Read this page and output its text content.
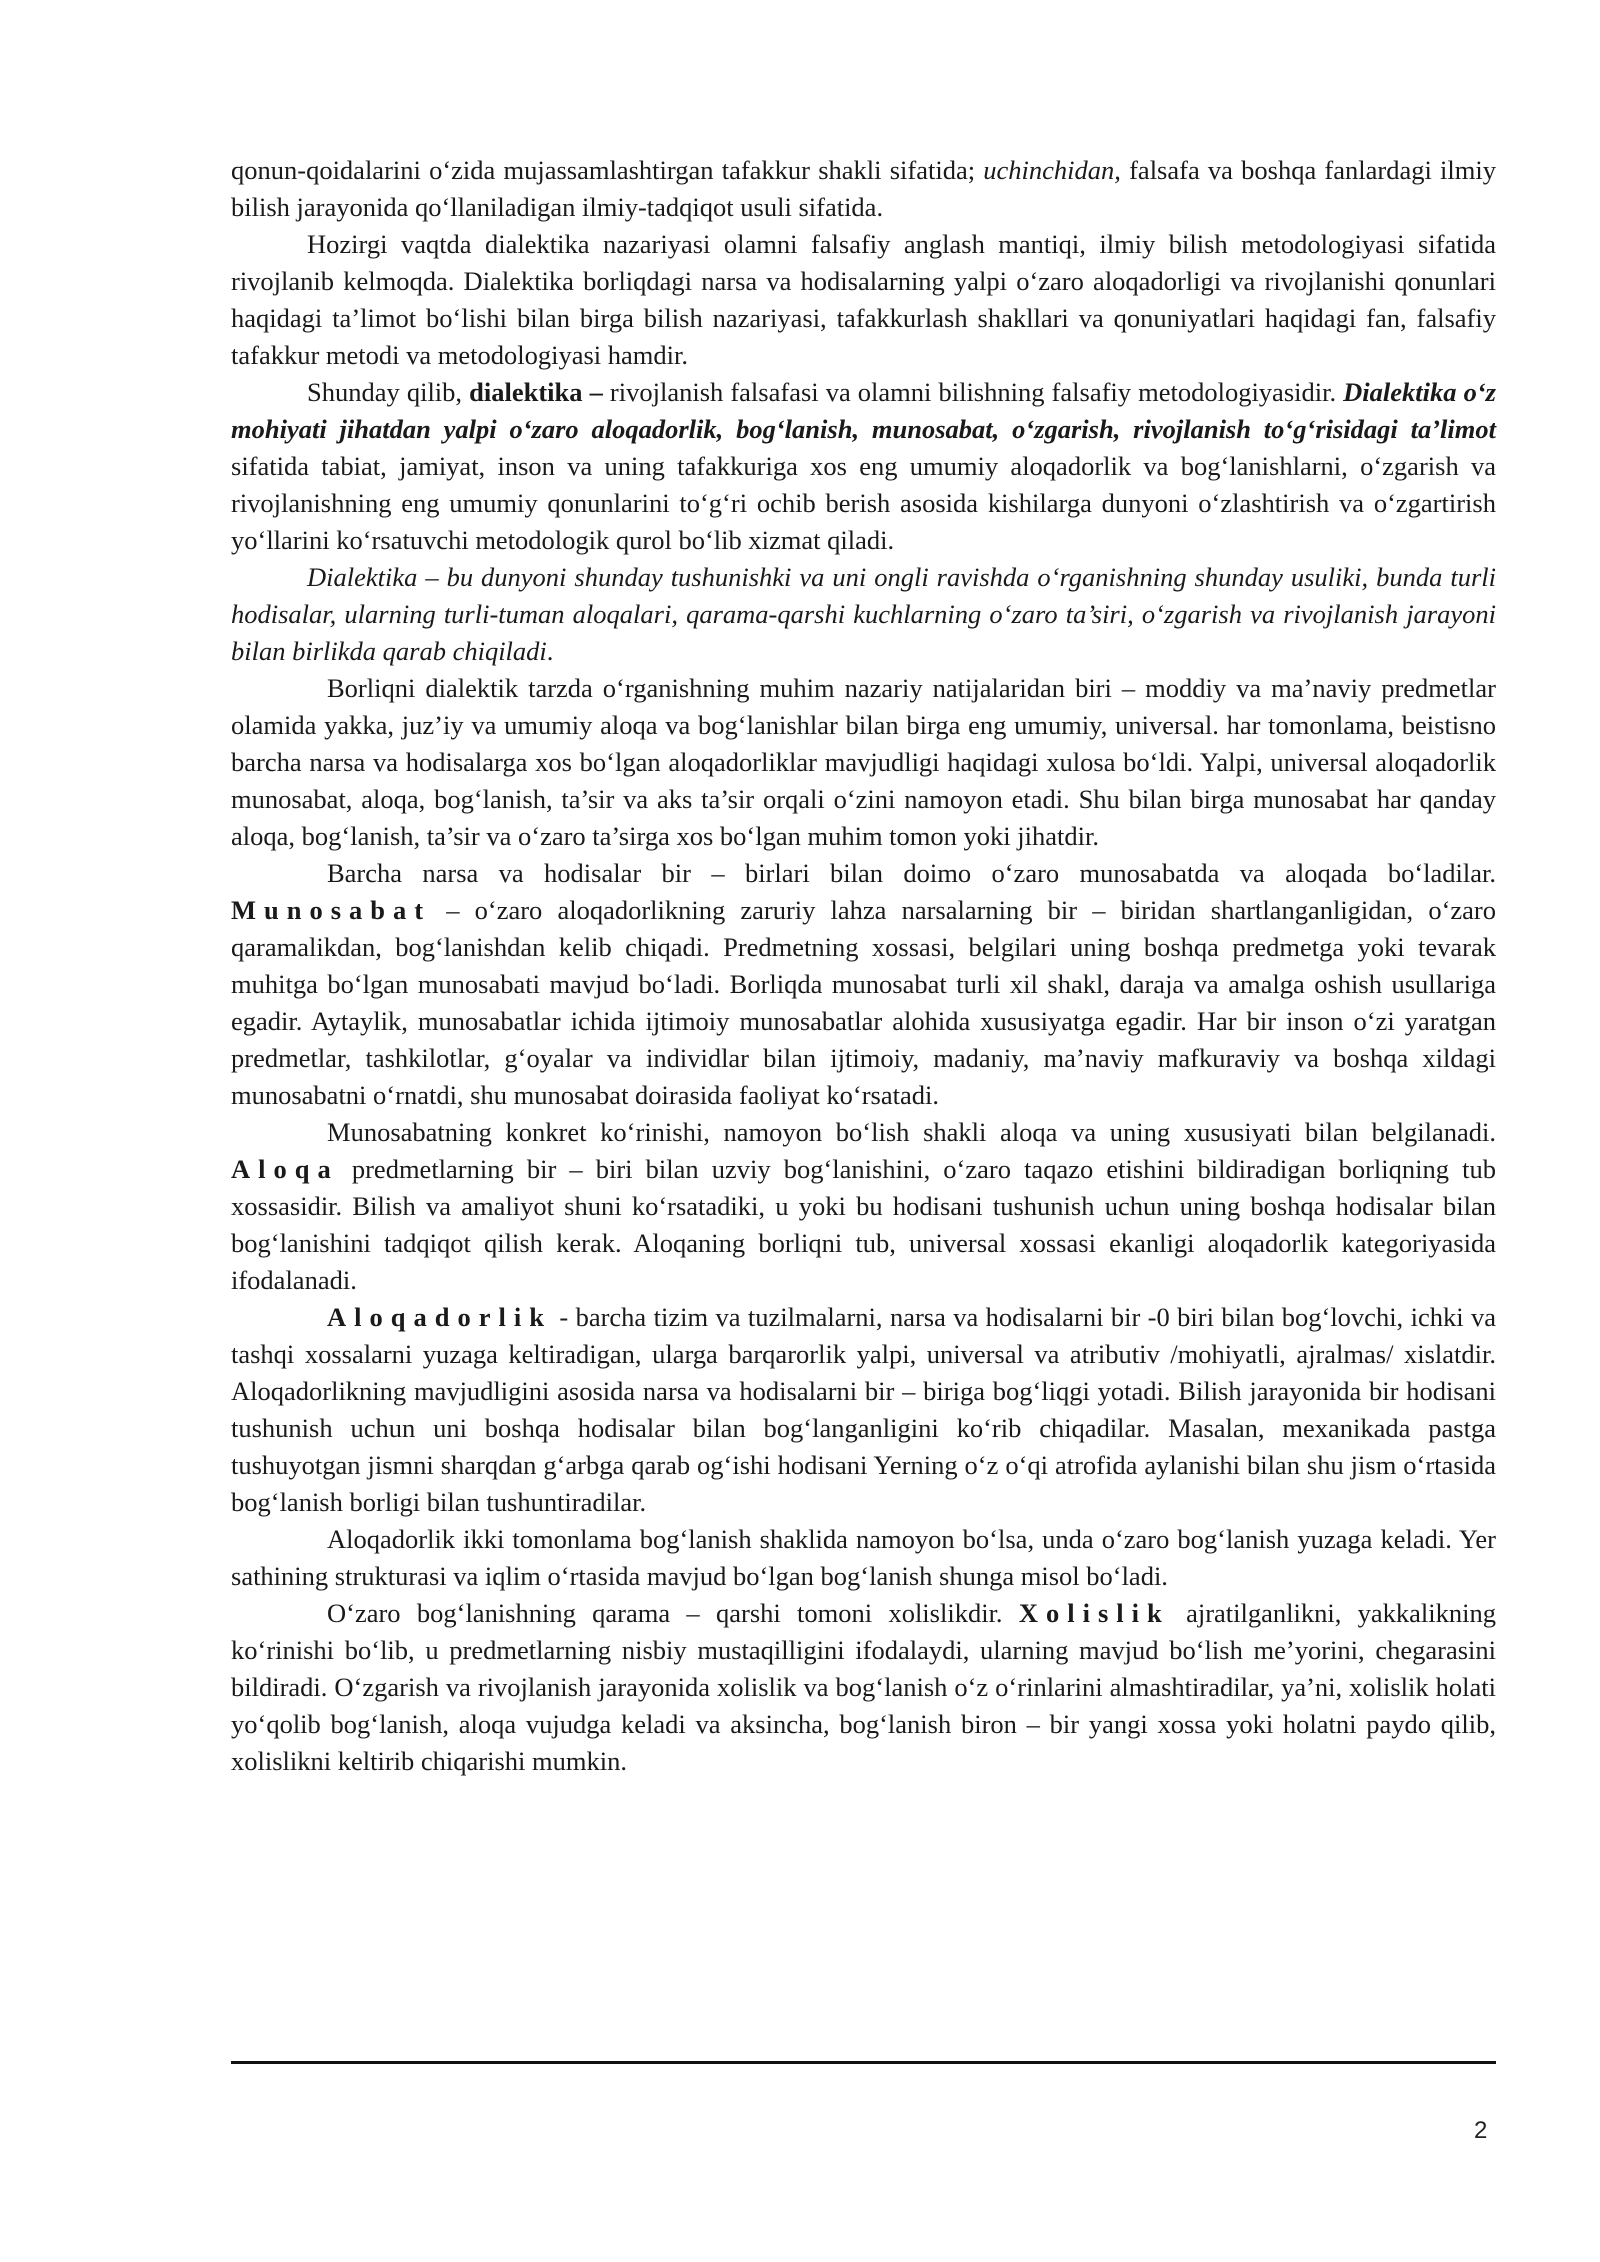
qonun-qoidalarini o‘zida mujassamlashtirgan tafakkur shakli sifatida; uchinchidan, falsafa va boshqa fanlardagi ilmiy bilish jarayonida qo‘llaniladigan ilmiy-tadqiqot usuli sifatida.

Hozirgi vaqtda dialektika nazariyasi olamni falsafiy anglash mantiqi, ilmiy bilish metodologiyasi sifatida rivojlanib kelmoqda. Dialektika borliqdagi narsa va hodisalarning yalpi o‘zaro aloqadorligi va rivojlanishi qonunlari haqidagi ta’limot bo‘lishi bilan birga bilish nazariyasi, tafakkurlash shakllari va qonuniyatlari haqidagi fan, falsafiy tafakkur metodi va metodologiyasi hamdir.

Shunday qilib, dialektika – rivojlanish falsafasi va olamni bilishning falsafiy metodologiyasidir. Dialektika o‘z mohiyati jihatdan yalpi o‘zaro aloqadorlik, bog‘lanish, munosabat, o‘zgarish, rivojlanish to‘g‘risidagi ta’limot sifatida tabiat, jamiyat, inson va uning tafakkuriga xos eng umumiy aloqadorlik va bog‘lanishlarni, o‘zgarish va rivojlanishning eng umumiy qonunlarini to‘g‘ri ochib berish asosida kishilarga dunyoni o‘zlashtirish va o‘zgartirish yo‘llarini ko‘rsatuvchi metodologik qurol bo‘lib xizmat qiladi.

Dialektika – bu dunyoni shunday tushunishki va uni ongli ravishda o‘rganishning shunday usuliki, bunda turli hodisalar, ularning turli-tuman aloqalari, qarama-qarshi kuchlarning o‘zaro ta’siri, o‘zgarish va rivojlanish jarayoni bilan birlikda qarab chiqiladi.

Borliqni dialektik tarzda o‘rganishning muhim nazariy natijalaridan biri – moddiy va ma’naviy predmetlar olamida yakka, juz’iy va umumiy aloqa va bog‘lanishlar bilan birga eng umumiy, universal. har tomonlama, beistisno barcha narsa va hodisalarga xos bo‘lgan aloqadorliklar mavjudligi haqidagi xulosa bo‘ldi. Yalpi, universal aloqadorlik munosabat, aloqa, bog‘lanish, ta’sir va aks ta’sir orqali o‘zini namoyon etadi. Shu bilan birga munosabat har qanday aloqa, bog‘lanish, ta’sir va o‘zaro ta’sirga xos bo‘lgan muhim tomon yoki jihatdir.

Barcha narsa va hodisalar bir – birlari bilan doimo o‘zaro munosabatda va aloqada bo‘ladilar. Munosabat – o‘zaro aloqadorlikning zaruriy lahza narsalarning bir – biridan shartlanganligidan, o‘zaro qaramalikdan, bog‘lanishdan kelib chiqadi. Predmetning xossasi, belgilari uning boshqa predmetga yoki tevarak muhitga bo‘lgan munosabati mavjud bo‘ladi. Borliqda munosabat turli xil shakl, daraja va amalga oshish usullariga egadir. Aytaylik, munosabatlar ichida ijtimoiy munosabatlar alohida xususiyatga egadir. Har bir inson o‘zi yaratgan predmetlar, tashkilotlar, g‘oyalar va individlar bilan ijtimoiy, madaniy, ma’naviy mafkuraviy va boshqa xildagi munosabatni o‘rnatdi, shu munosabat doirasida faoliyat ko‘rsatadi.

Munosabatning konkret ko‘rinishi, namoyon bo‘lish shakli aloqa va uning xususiyati bilan belgilanadi. Aloqa predmetlarning bir – biri bilan uzviy bog‘lanishini, o‘zaro taqazo etishini bildiradigan borliqning tub xossasidir. Bilish va amaliyot shuni ko‘rsatadiki, u yoki bu hodisani tushunish uchun uning boshqa hodisalar bilan bog‘lanishini tadqiqot qilish kerak. Aloqaning borliqni tub, universal xossasi ekanligi aloqadorlik kategoriyasida ifodalanadi.

Aloqadorlik - barcha tizim va tuzilmalarni, narsa va hodisalarni bir -0 biri bilan bog‘lovchi, ichki va tashqi xossalarni yuzaga keltiradigan, ularga barqarorlik yalpi, universal va atributiv /mohiyatli, ajralmas/ xislatdir. Aloqadorlikning mavjudligini asosida narsa va hodisalarni bir – biriga bog‘liqgi yotadi. Bilish jarayonida bir hodisani tushunish uchun uni boshqa hodisalar bilan bog‘langanligini ko‘rib chiqadilar. Masalan, mexanikada pastga tushuyotgan jismni sharqdan g‘arbga qarab og‘ishi hodisani Yerning o‘z o‘qi atrofida aylanishi bilan shu jism o‘rtasida bog‘lanish borligi bilan tushuntiradilar.

Aloqadorlik ikki tomonlama bog‘lanish shaklida namoyon bo‘lsa, unda o‘zaro bog‘lanish yuzaga keladi. Yer sathining strukturasi va iqlim o‘rtasida mavjud bo‘lgan bog‘lanish shunga misol bo‘ladi.

O‘zaro bog‘lanishning qarama – qarshi tomoni xolislikdir. Xolislik ajratilganlikni, yakkalikning ko‘rinishi bo‘lib, u predmetlarning nisbiy mustaqilligini ifodalaydi, ularning mavjud bo‘lish me’yorini, chegarasini bildiradi. O‘zgarish va rivojlanish jarayonida xolislik va bog‘lanish o‘z o‘rinlarini almashtiradilar, ya’ni, xolislik holati yo‘qolib bog‘lanish, aloqa vujudga keladi va aksincha, bog‘lanish biron – bir yangi xossa yoki holatni paydo qilib, xolislikni keltirib chiqarishi mumkin.

2
